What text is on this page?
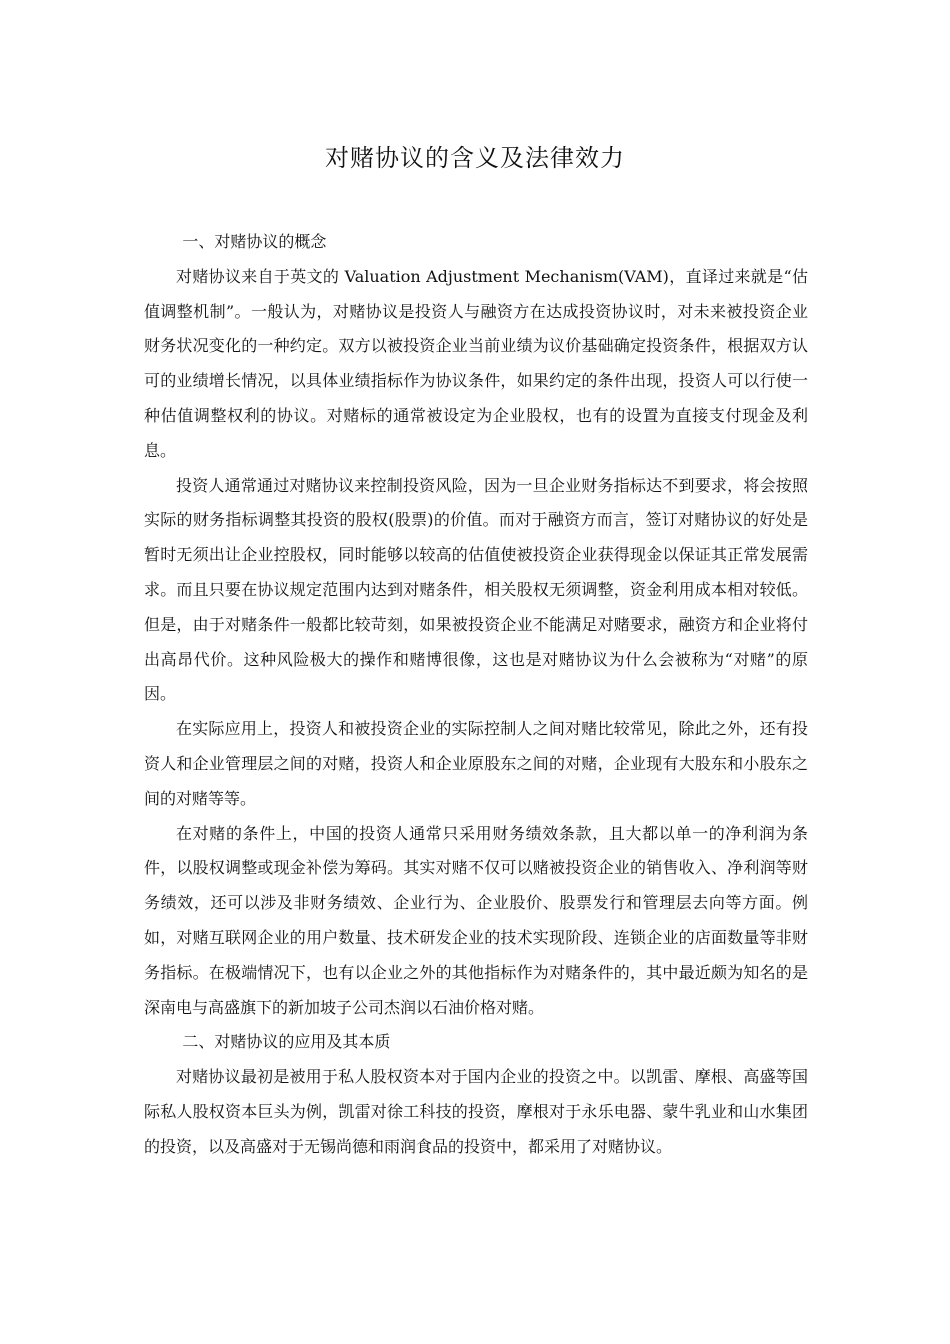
对赌协议的含义及法律效力

一、对赌协议的概念

对赌协议来自于英文的 Valuation Adjustment Mechanism(VAM)，直译过来就是“估值调整机制”。一般认为，对赌协议是投资人与融资方在达成投资协议时，对未来被投资企业财务状况变化的一种约定。双方以被投资企业当前业绩为议价基础确定投资条件，根据双方认可的业绩增长情况，以具体业绩指标作为协议条件，如果约定的条件出现，投资人可以行使一种估值调整权利的协议。对赌标的通常被设定为企业股权，也有的设置为直接支付现金及利息。

投资人通常通过对赌协议来控制投资风险，因为一旦企业财务指标达不到要求，将会按照实际的财务指标调整其投资的股权(股票)的价值。而对于融资方而言，签订对赌协议的好处是暂时无须出让企业控股权，同时能够以较高的估值使被投资企业获得现金以保证其正常发展需求。而且只要在协议规定范围内达到对赌条件，相关股权无须调整，资金利用成本相对较低。但是，由于对赌条件一般都比较苛刻，如果被投资企业不能满足对赌要求，融资方和企业将付出高昂代价。这种风险极大的操作和赌博很像，这也是对赌协议为什么会被称为“对赌”的原因。

在实际应用上，投资人和被投资企业的实际控制人之间对赌比较常见，除此之外，还有投资人和企业管理层之间的对赌，投资人和企业原股东之间的对赌，企业现有大股东和小股东之间的对赌等等。

在对赌的条件上，中国的投资人通常只采用财务绩效条款，且大都以单一的净利润为条件，以股权调整或现金补偿为筹码。其实对赌不仅可以赌被投资企业的销售收入、净利润等财务绩效，还可以涉及非财务绩效、企业行为、企业股价、股票发行和管理层去向等方面。例如，对赌互联网企业的用户数量、技术研发企业的技术实现阶段、连锁企业的店面数量等非财务指标。在极端情况下，也有以企业之外的其他指标作为对赌条件的，其中最近颇为知名的是深南电与高盛旗下的新加坡子公司杰润以石油价格对赌。

二、对赌协议的应用及其本质

对赌协议最初是被用于私人股权资本对于国内企业的投资之中。以凯雷、摩根、高盛等国际私人股权资本巨头为例，凯雷对徐工科技的投资，摩根对于永乐电器、蒙牛乳业和山水集团的投资，以及高盛对于无锡尚德和雨润食品的投资中，都采用了对赌协议。
